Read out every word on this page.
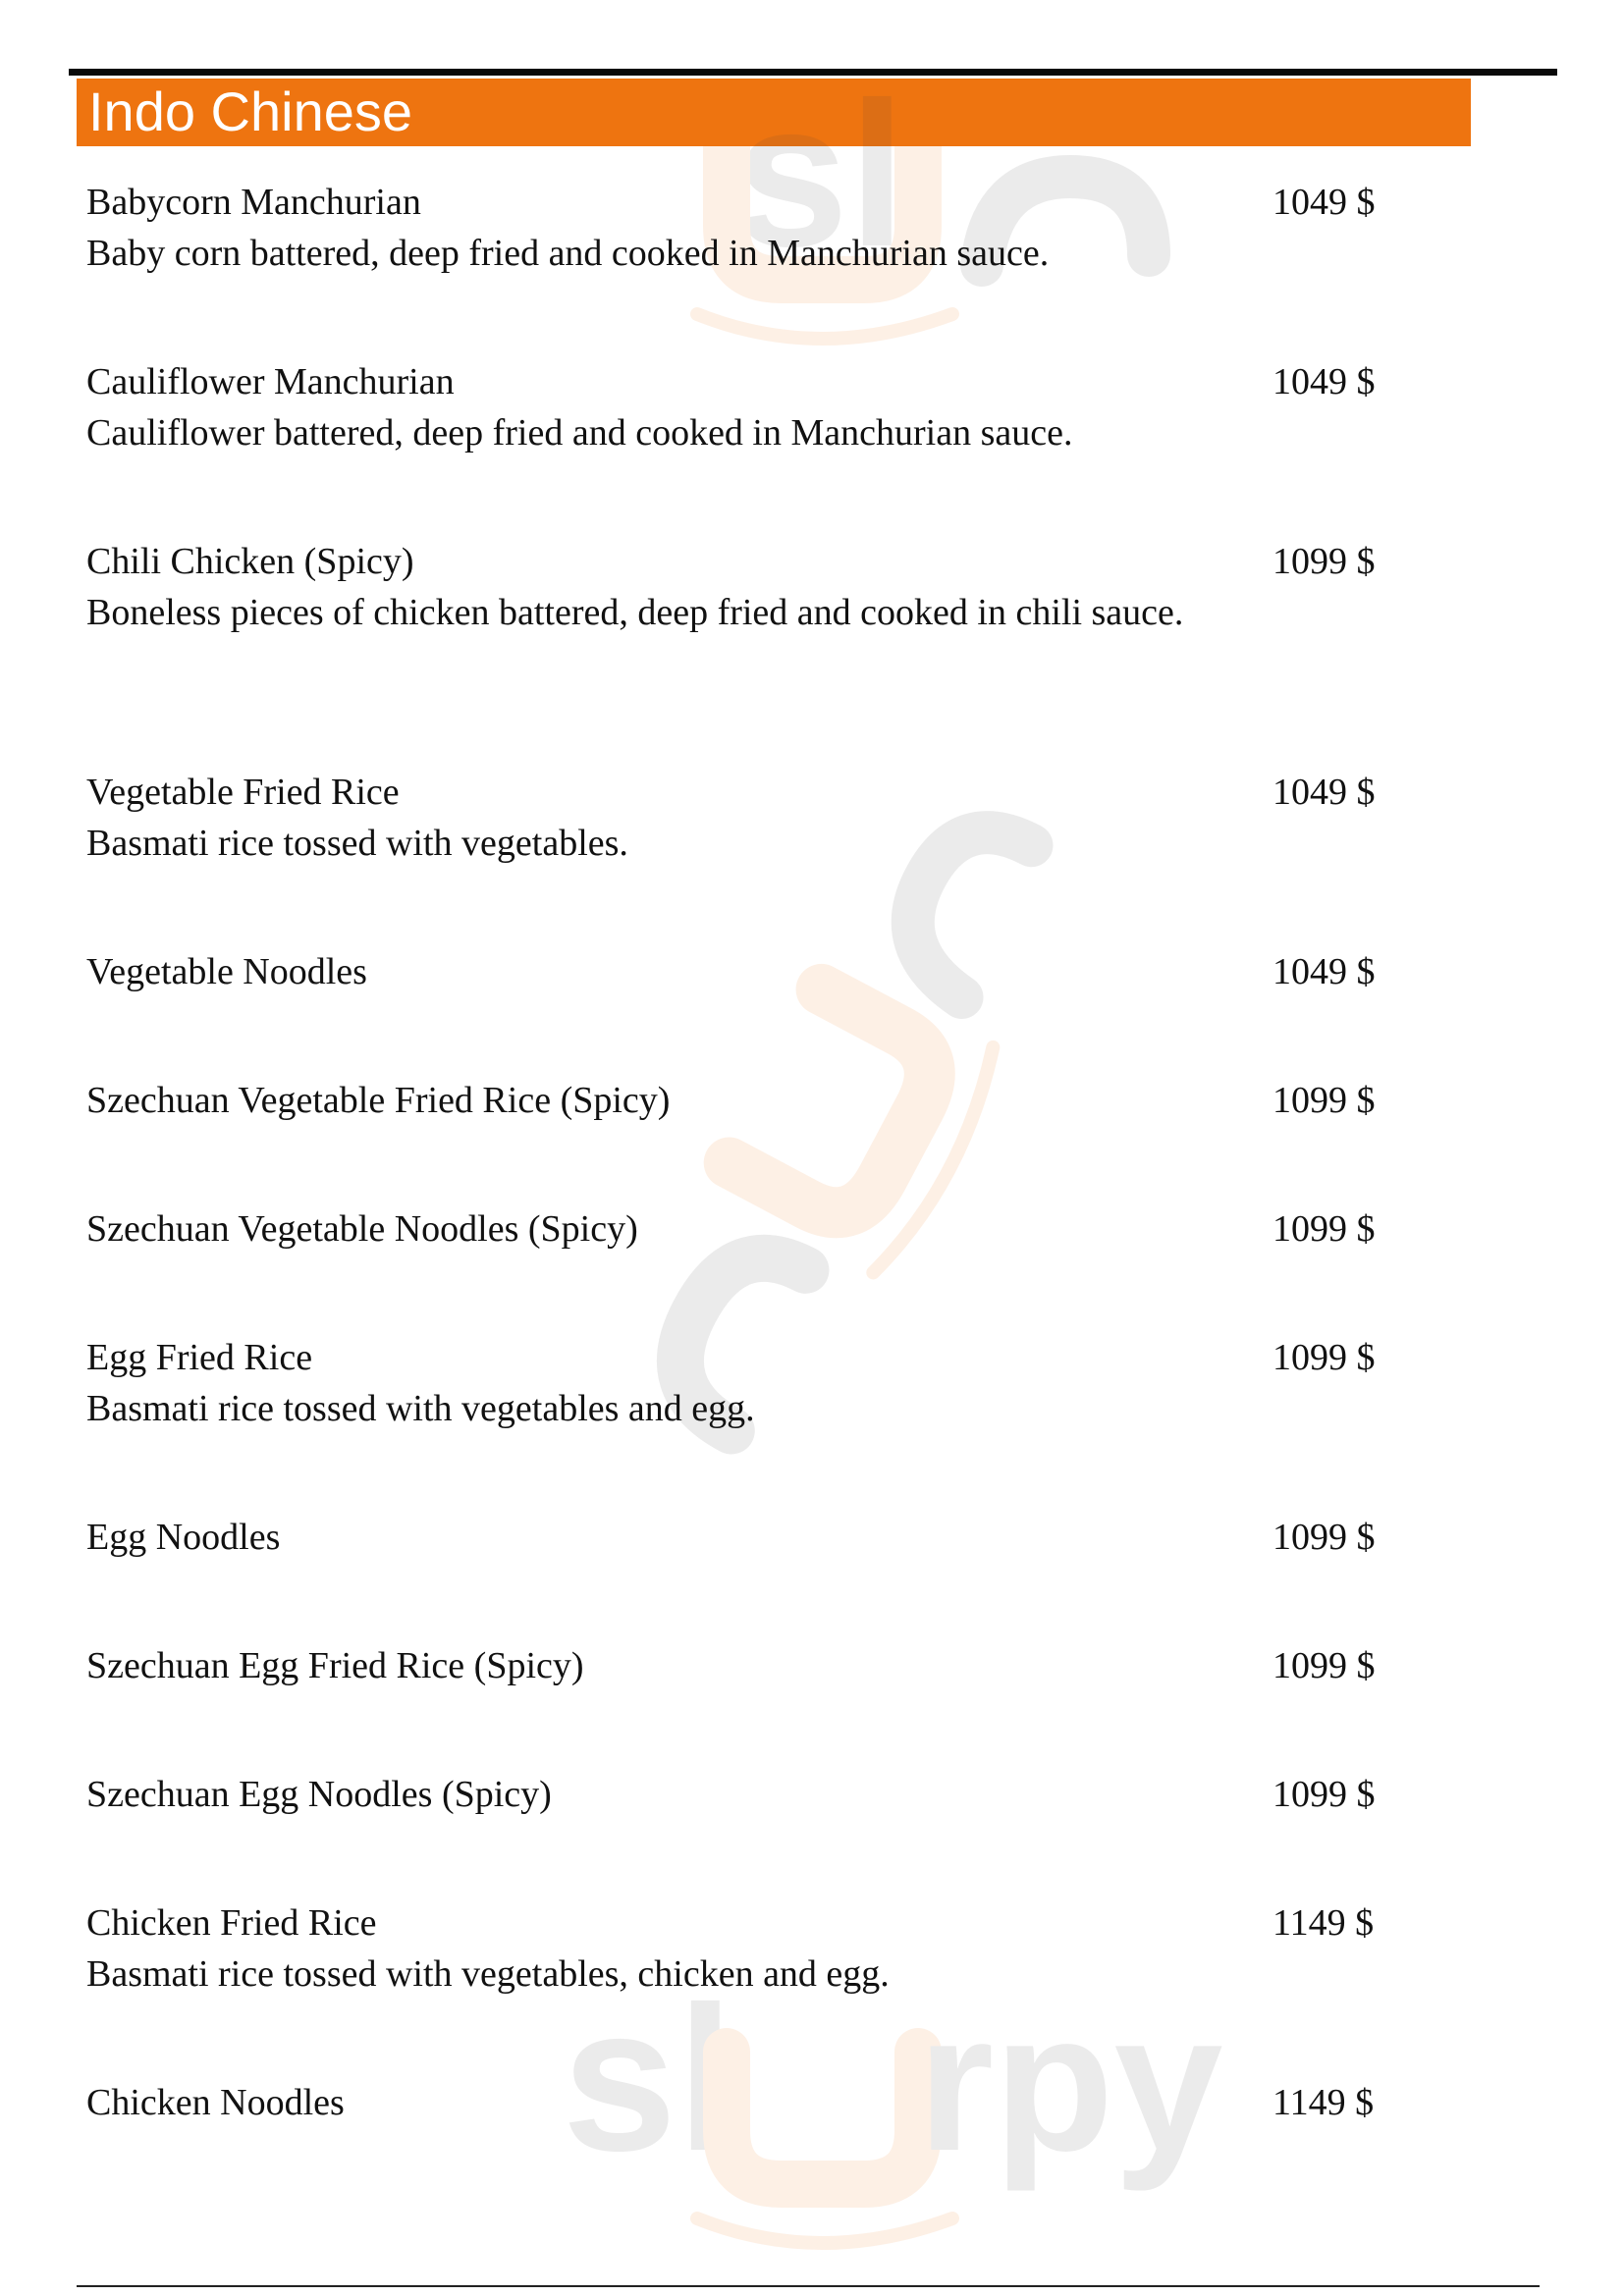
Indo Chinese sl
sl rpy
Babycorn Manchurian
Baby corn battered, deep fried and cooked in Manchurian sauce.
1049 $
Cauliflower Manchurian
Cauliflower battered, deep fried and cooked in Manchurian sauce.
1049 $
Chili Chicken (Spicy)
Boneless pieces of chicken battered, deep fried and cooked in chili sauce.
1099 $
Vegetable Fried Rice
Basmati rice tossed with vegetables.
1049 $
Vegetable Noodles	1049 $
Szechuan Vegetable Fried Rice (Spicy)	1099 $
Szechuan Vegetable Noodles (Spicy)	1099 $
Egg Fried Rice
Basmati rice tossed with vegetables and egg.
1099 $
Egg Noodles	1099 $
Szechuan Egg Fried Rice (Spicy)	1099 $
Szechuan Egg Noodles (Spicy)	1099 $
Chicken Fried Rice
Basmati rice tossed with vegetables, chicken and egg.
1149 $
Chicken Noodles	1149 $
